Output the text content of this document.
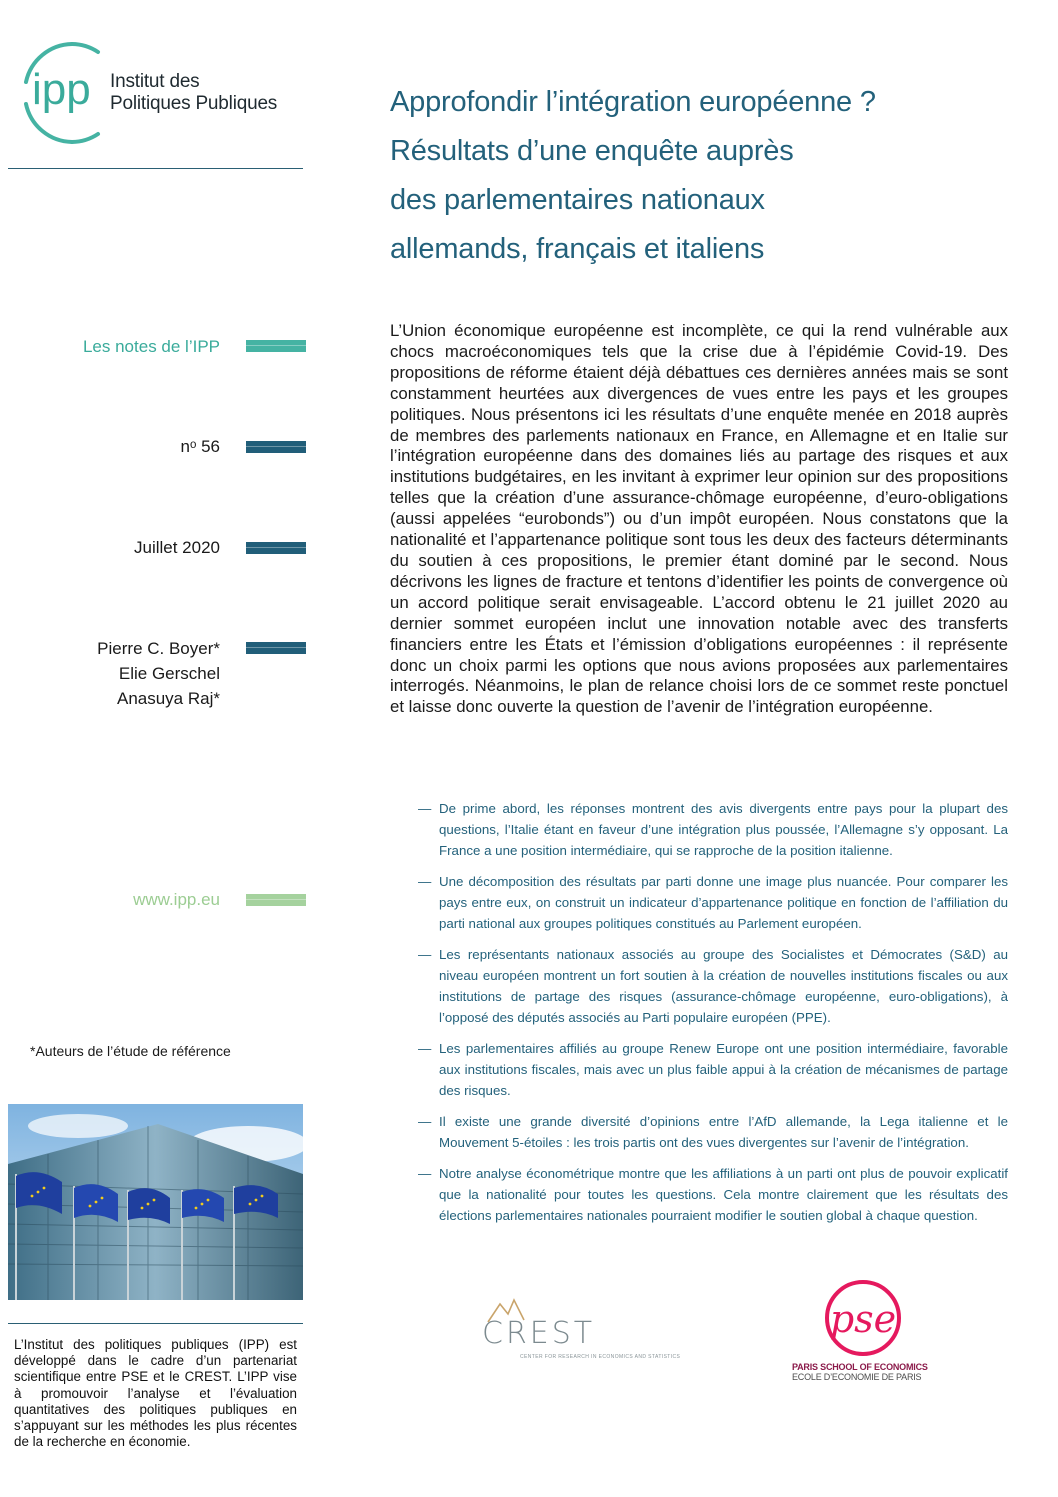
ipp Institut des
Politiques Publiques	Approfondir l’intégration européenne ?
Résultats d’une enquête auprès
des parlementaires nationaux
allemands, français et italiens
Les notes de l’IPP
nᵒ 56
Juillet 2020
Pierre C. Boyer*
Elie Gerschel
Anasuya Raj*
www.ipp.eu
L’Union économique européenne est incomplète, ce qui la rend vulnérable aux chocs macroéconomiques tels que la crise due à l’épidémie Covid-19. Des propositions de réforme étaient déjà débattues ces dernières années mais se sont constamment heurtées aux divergences de vues entre les pays et les groupes politiques. Nous présentons ici les résultats d’une enquête menée en 2018 auprès de membres des parlements nationaux en France, en Allemagne et en Italie sur l’intégration européenne dans des domaines liés au partage des risques et aux institutions budgétaires, en les invitant à exprimer leur opinion sur des propositions telles que la création d’une assurance-chômage européenne, d’euro-obligations (aussi appelées “eurobonds”) ou d’un impôt européen. Nous constatons que la nationalité et l’appartenance politique sont tous les deux des facteurs déterminants du soutien à ces propositions, le premier étant dominé par le second. Nous décrivons les lignes de fracture et tentons d’identifier les points de convergence où un accord politique serait envisageable. L’accord obtenu le 21 juillet 2020 au dernier sommet européen inclut une innovation notable avec des transferts financiers entre les États et l’émission d’obligations européennes : il représente donc un choix parmi les options que nous avions proposées aux parlementaires interrogés. Néanmoins, le plan de relance choisi lors de ce sommet reste ponctuel et laisse donc ouverte la question de l’avenir de l’intégration européenne.
— De prime abord, les réponses montrent des avis divergents entre pays pour la plupart des questions, l’Italie étant en faveur d’une intégration plus poussée, l’Allemagne s’y opposant. La France a une position intermédiaire, qui se rapproche de la position italienne.
— Une décomposition des résultats par parti donne une image plus nuancée. Pour comparer les pays entre eux, on construit un indicateur d’appartenance politique en fonction de l’affiliation du parti national aux groupes politiques constitués au Parlement européen.
— Les représentants nationaux associés au groupe des Socialistes et Démocrates (S&D) au niveau européen montrent un fort soutien à la création de nouvelles institutions fiscales ou aux institutions de partage des risques (assurance-chômage européenne, euro-obligations), à l’opposé des députés associés au Parti populaire européen (PPE).
— Les parlementaires affiliés au groupe Renew Europe ont une position intermédiaire, favorable aux institutions fiscales, mais avec un plus faible appui à la création de mécanismes de partage des risques.
— Il existe une grande diversité d’opinions entre l’AfD allemande, la Lega italienne et le Mouvement 5-étoiles : les trois partis ont des vues divergentes sur l’avenir de l’intégration.
— Notre analyse économétrique montre que les affiliations à un parti ont plus de pouvoir explicatif que la nationalité pour toutes les questions. Cela montre clairement que les résultats des élections parlementaires nationales pourraient modifier le soutien global à chaque question.
*Auteurs de l’étude de référence
L’Institut des politiques publiques (IPP) est développé dans le cadre d’un partenariat scientifique entre PSE et le CREST. L’IPP vise à promouvoir l’analyse et l’évaluation quantitatives des politiques publiques en s’appuyant sur les méthodes les plus récentes de la recherche en économie.
CREST
CENTER FOR RESEARCH IN ECONOMICS AND STATISTICS
pse
PARIS SCHOOL OF ECONOMICS
ECOLE D’ECONOMIE DE PARIS
